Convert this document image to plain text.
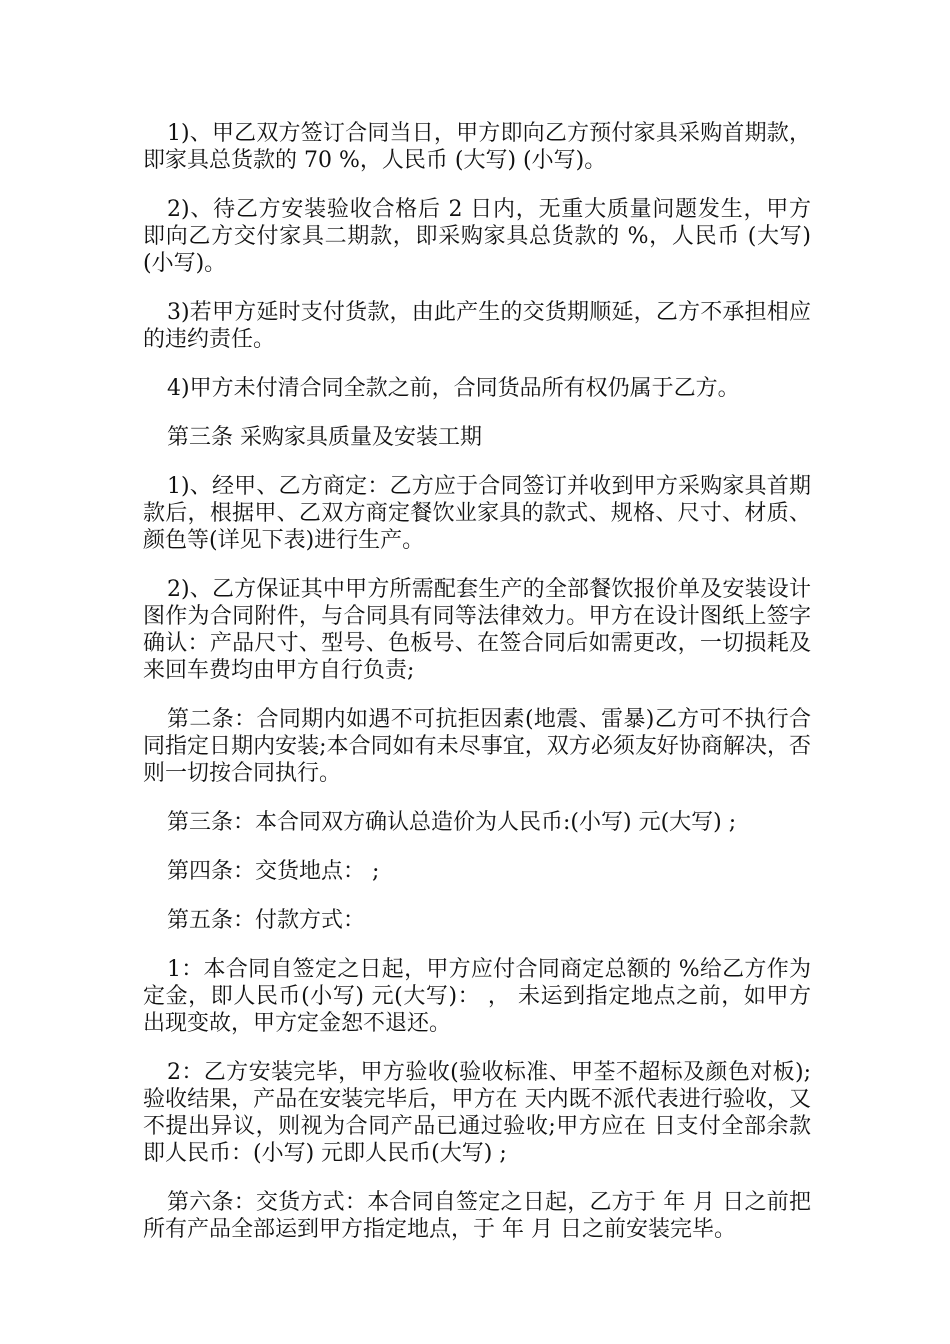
1)、甲乙双方签订合同当日，甲方即向乙方预付家具采购首期款，即家具总货款的 70 %，人民币 (大写) (小写)。

2)、待乙方安装验收合格后 2 日内，无重大质量问题发生，甲方即向乙方交付家具二期款，即采购家具总货款的 %，人民币 (大写) (小写)。

3)若甲方延时支付货款，由此产生的交货期顺延，乙方不承担相应的违约责任。

4)甲方未付清合同全款之前，合同货品所有权仍属于乙方。

第三条 采购家具质量及安装工期

1)、经甲、乙方商定：乙方应于合同签订并收到甲方采购家具首期款后，根据甲、乙双方商定餐饮业家具的款式、规格、尺寸、材质、颜色等(详见下表)进行生产。

2)、乙方保证其中甲方所需配套生产的全部餐饮报价单及安装设计图作为合同附件，与合同具有同等法律效力。甲方在设计图纸上签字确认：产品尺寸、型号、色板号、在签合同后如需更改，一切损耗及来回车费均由甲方自行负责;

第二条：合同期内如遇不可抗拒因素(地震、雷暴)乙方可不执行合同指定日期内安装;本合同如有未尽事宜，双方必须友好协商解决，否则一切按合同执行。

第三条：本合同双方确认总造价为人民币:(小写) 元(大写) ;

第四条：交货地点： ;

第五条：付款方式：

1：本合同自签定之日起，甲方应付合同商定总额的 %给乙方作为定金，即人民币(小写) 元(大写)： ， 未运到指定地点之前，如甲方出现变故，甲方定金恕不退还。

2：乙方安装完毕，甲方验收(验收标准、甲荃不超标及颜色对板);验收结果，产品在安装完毕后，甲方在 天内既不派代表进行验收，又不提出异议，则视为合同产品已通过验收;甲方应在 日支付全部余款即人民币：(小写) 元即人民币(大写) ;

第六条：交货方式：本合同自签定之日起，乙方于 年 月 日之前把所有产品全部运到甲方指定地点，于 年 月 日之前安装完毕。
